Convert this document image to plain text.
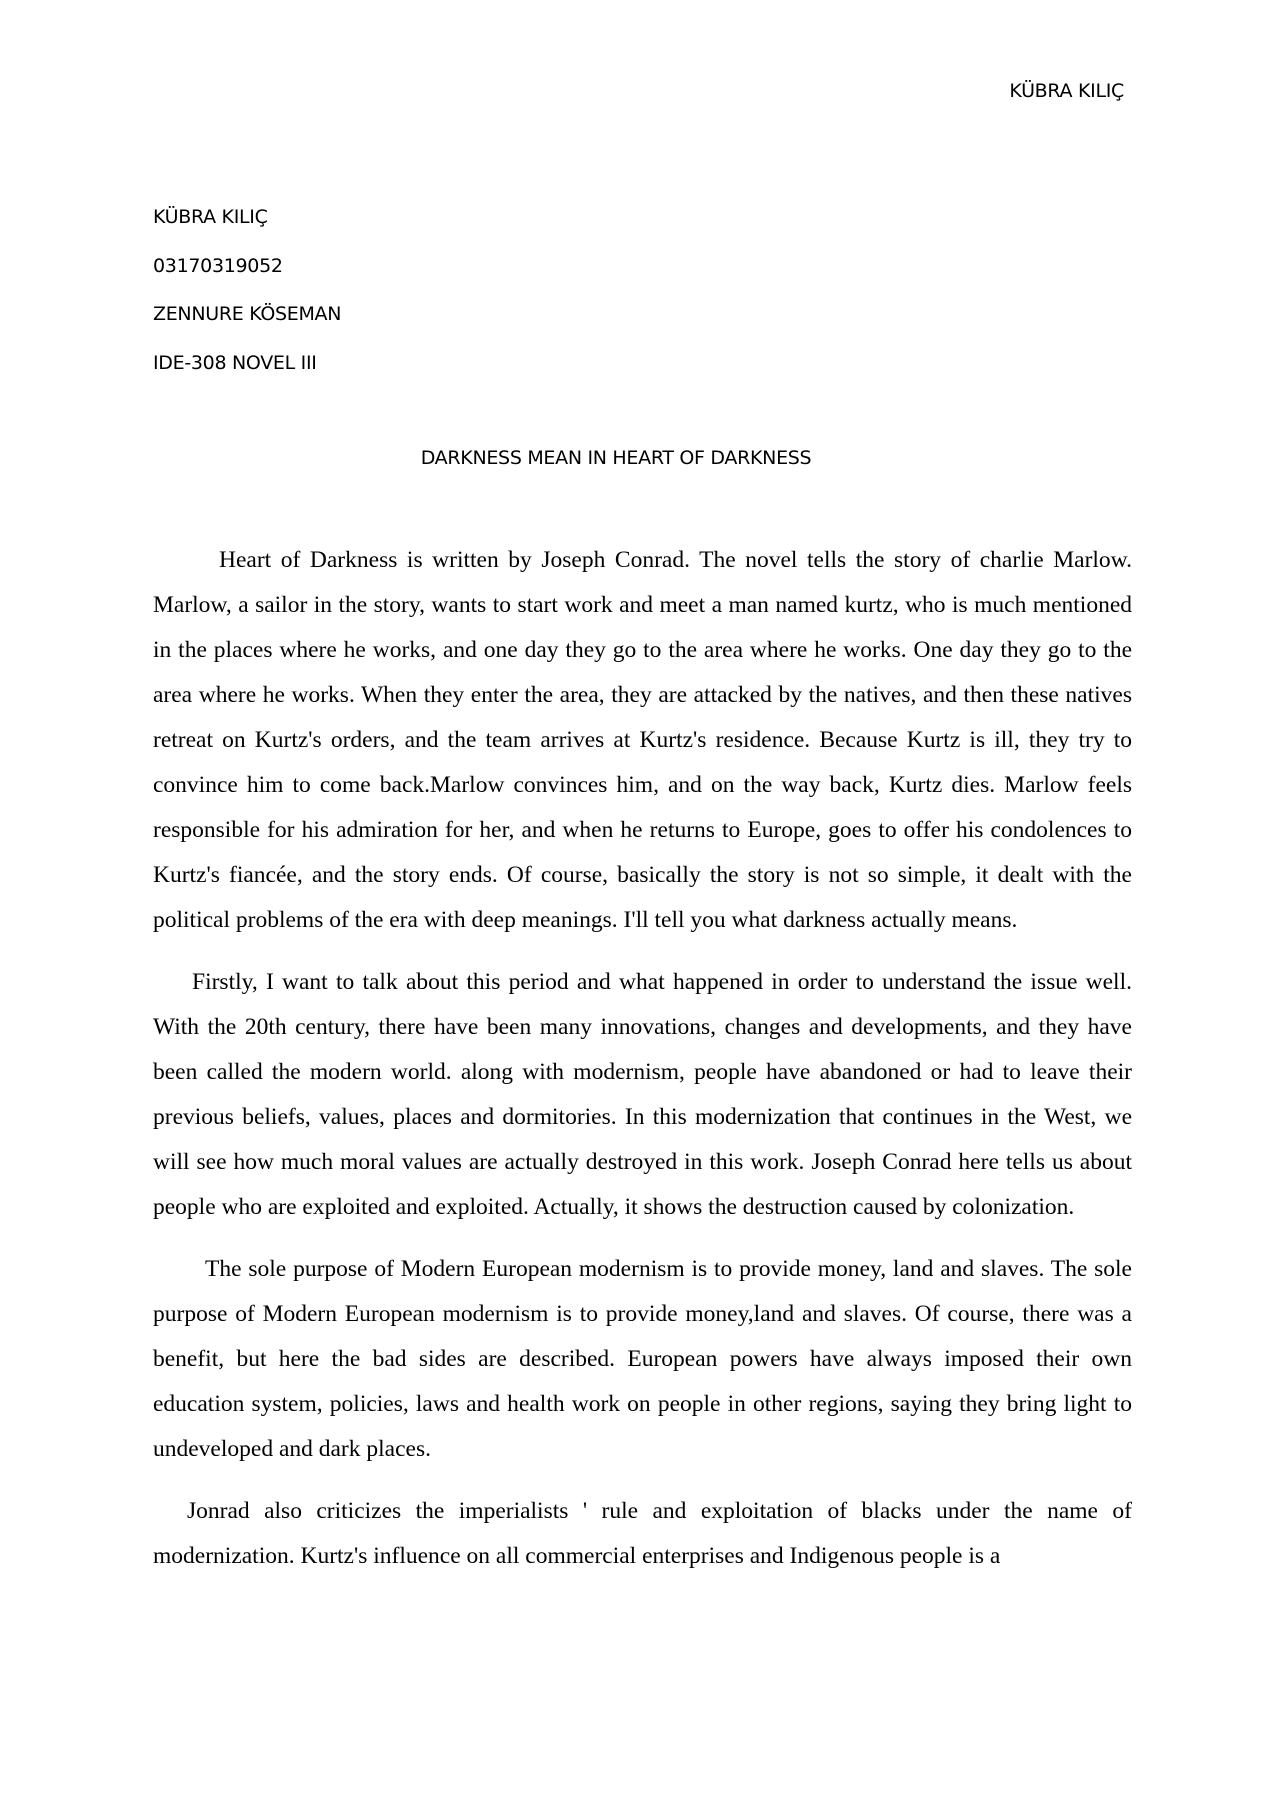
KÜBRA KILIÇ
KÜBRA KILIÇ
03170319052
ZENNURE KÖSEMAN
IDE-308 NOVEL III
DARKNESS MEAN IN HEART OF DARKNESS

Heart of Darkness is written by Joseph Conrad. The novel tells the story of charlie Marlow. Marlow, a sailor in the story, wants to start work and meet a man named kurtz, who is much mentioned in the places where he works, and one day they go to the area where he works. One day they go to the area where he works. When they enter the area, they are attacked by the natives, and then these natives retreat on Kurtz's orders, and the team arrives at Kurtz's residence. Because Kurtz is ill, they try to convince him to come back.Marlow convinces him, and on the way back, Kurtz dies. Marlow feels responsible for his admiration for her, and when he returns to Europe, goes to offer his condolences to Kurtz's fiancée, and the story ends. Of course, basically the story is not so simple, it dealt with the political problems of the era with deep meanings. I'll tell you what darkness actually means.

Firstly, I want to talk about this period and what happened in order to understand the issue well. With the 20th century, there have been many innovations, changes and developments, and they have been called the modern world. along with modernism, people have abandoned or had to leave their previous beliefs, values, places and dormitories. In this modernization that continues in the West, we will see how much moral values are actually destroyed in this work. Joseph Conrad here tells us about people who are exploited and exploited. Actually, it shows the destruction caused by colonization.

The sole purpose of Modern European modernism is to provide money, land and slaves. The sole purpose of Modern European modernism is to provide money,land and slaves. Of course, there was a benefit, but here the bad sides are described. European powers have always imposed their own education system, policies, laws and health work on people in other regions, saying they bring light to undeveloped and dark places.

Jonrad also criticizes the imperialists ' rule and exploitation of blacks under the name of modernization. Kurtz's influence on all commercial enterprises and Indigenous people is a
